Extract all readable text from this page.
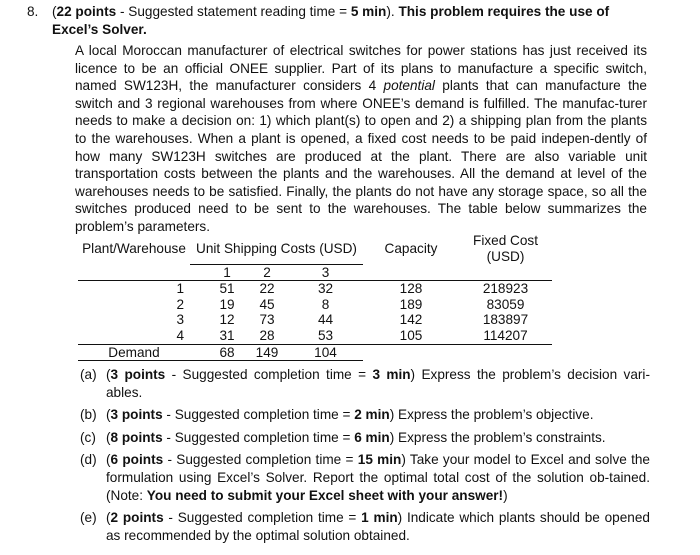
8. (22 points - Suggested statement reading time = 5 min). This problem requires the use of Excel’s Solver.

A local Moroccan manufacturer of electrical switches for power stations has just received its licence to be an official ONEE supplier. Part of its plans to manufacture a specific switch, named SW123H, the manufacturer considers 4 potential plants that can manufacture the switch and 3 regional warehouses from where ONEE’s demand is fulfilled. The manufac-turer needs to make a decision on: 1) which plant(s) to open and 2) a shipping plan from the plants to the warehouses. When a plant is opened, a fixed cost needs to be paid indepen-dently of how many SW123H switches are produced at the plant. There are also variable unit transportation costs between the plants and the warehouses. All the demand at level of the warehouses needs to be satisfied. Finally, the plants do not have any storage space, so all the switches produced need to be sent to the warehouses. The table below summarizes the problem’s parameters.

Plant/Warehouse	Unit Shipping Costs (USD)				Capacity	Fixed Cost (USD)
		1	2	3		
1		51	22	32	128	218923
2		19	45	8	189	83059
3		12	73	44	142	183897
4		31	28	53	105	114207
Demand		68	149	104		
(a) (3 points - Suggested completion time = 3 min) Express the problem’s decision vari-ables.
(b) (3 points - Suggested completion time = 2 min) Express the problem’s objective.
(c) (8 points - Suggested completion time = 6 min) Express the problem’s constraints.
(d) (6 points - Suggested completion time = 15 min) Take your model to Excel and solve the formulation using Excel’s Solver. Report the optimal total cost of the solution ob-tained. (Note: You need to submit your Excel sheet with your answer!)
(e) (2 points - Suggested completion time = 1 min) Indicate which plants should be opened as recommended by the optimal solution obtained.
